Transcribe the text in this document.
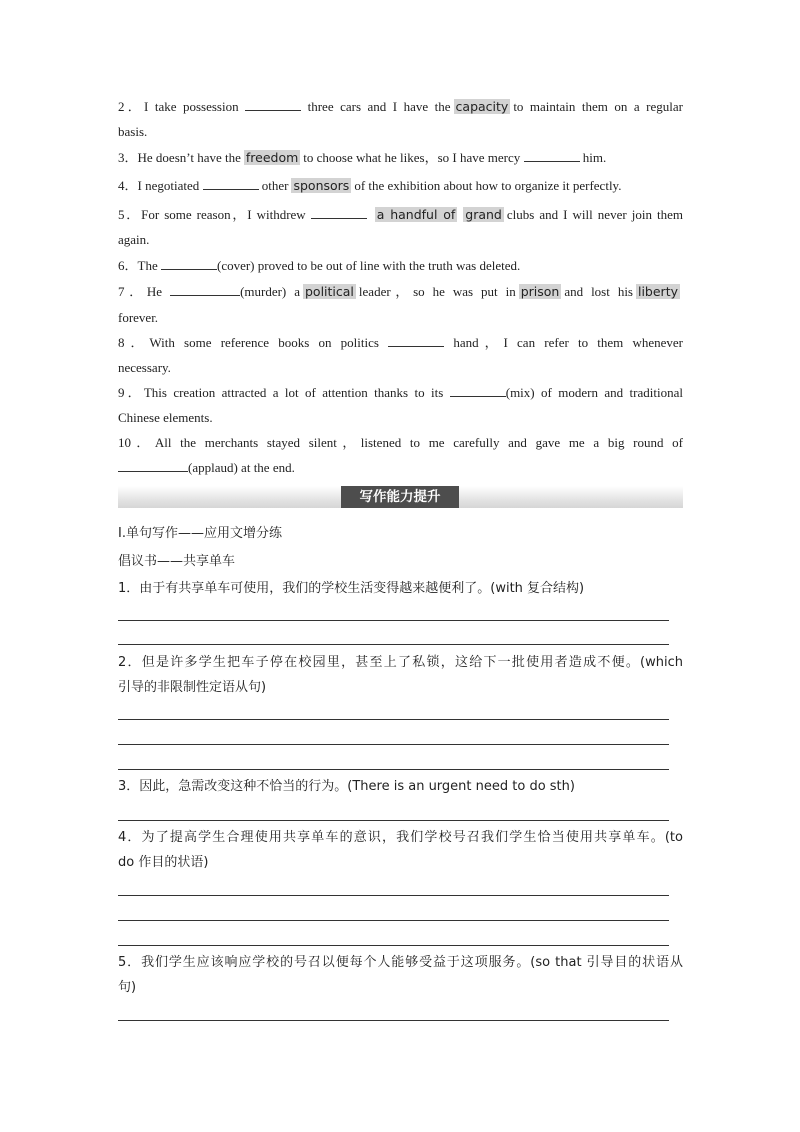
2．I take possession	three cars and I have the capacity to maintain them on a regular
basis.
3．He doesn’t have the freedom to choose what he likes，so I have mercy	him.
4．I negotiated	other sponsors of the exhibition about how to organize it perfectly.
5．For some reason，I withdrew	a handful of grand clubs and I will never join them
again.
6．The	(cover) proved to be out of line with the truth was deleted.
7．He	(murder) a political leader，so he was put in prison and lost his liberty
forever.
8．With some reference books on politics	hand，I can refer to them whenever
necessary.
9．This creation attracted a lot of attention thanks to its	(mix) of modern and traditional
Chinese elements.
10．All the merchants stayed silent，listened to me carefully and gave me a big round of
(applaud) at the end.
写作能力提升
Ⅰ.单句写作——应用文增分练
倡议书——共享单车
1．由于有共享单车可使用，我们的学校生活变得越来越便利了。(with 复合结构)
2．但是许多学生把车子停在校园里，甚至上了私锁，这给下一批使用者造成不便。(which
引导的非限制性定语从句)
3．因此，急需改变这种不恰当的行为。(There is an urgent need to do sth)
4．为了提高学生合理使用共享单车的意识，我们学校号召我们学生恰当使用共享单车。(to
do 作目的状语)
5．我们学生应该响应学校的号召以便每个人能够受益于这项服务。(so that 引导目的状语从
句)
